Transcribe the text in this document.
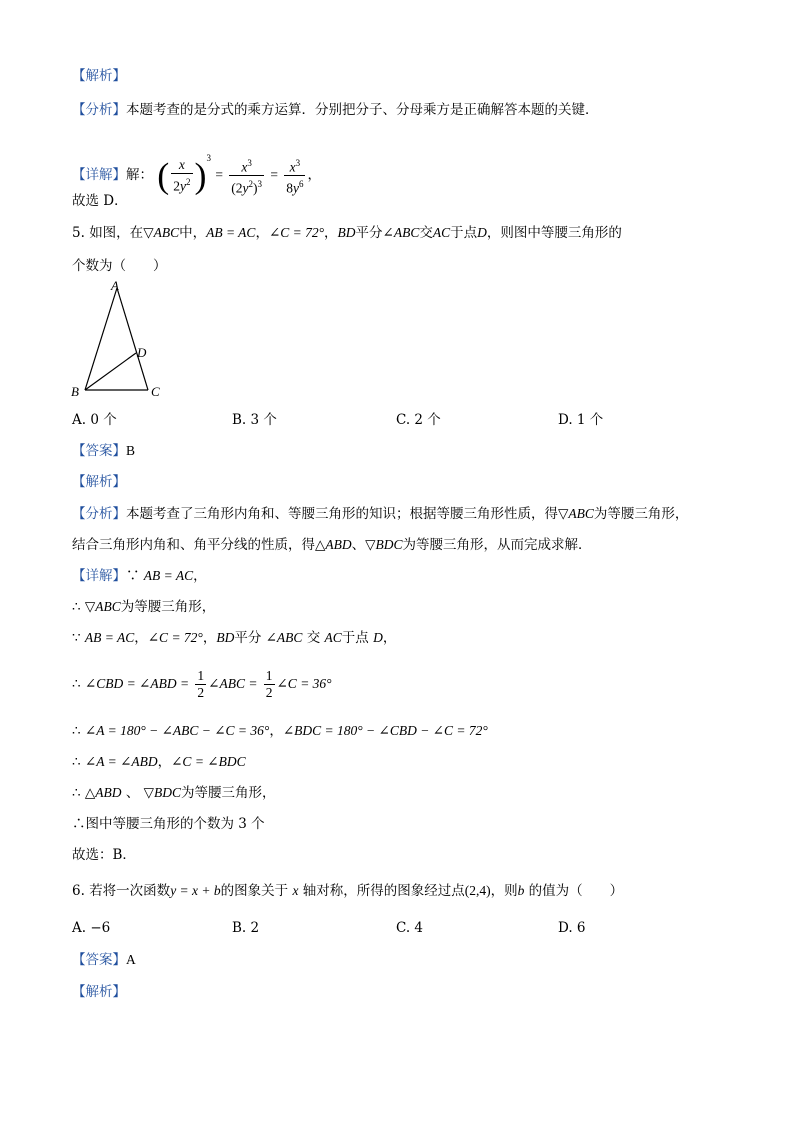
【解析】
【分析】本题考查的是分式的乘方运算．分别把分子、分母乘方是正确解答本题的关键．
【详解】解： ( $\frac{x}{2y^2} )^3 = \frac{x^3}{(2y^2)^3} = \frac{x^3}{8y^6}$ ，
故选 D．
5. 如图，在▽ABC中，AB = AC，∠C = 72°，BD平分∠ABC交AC于点D，则图中等腰三角形的
个数为（　　）
A
B	C
D
A. 0 个	B. 3 个	C. 2 个	D. 1 个
【答案】B
【解析】
【分析】本题考查了三角形内角和、等腰三角形的知识；根据等腰三角形性质，得▽ABC为等腰三角形，
结合三角形内角和、角平分线的性质，得△ABD、▽BDC为等腰三角形，从而完成求解．
【详解】∵ AB = AC，
∴ ▽ABC为等腰三角形，
∵ AB = AC，∠C = 72°，BD平分 ∠ABC 交 AC于点 D，
∴ ∠CBD = ∠ABD = $\frac{1}{2}$ ∠ABC = $\frac{1}{2}$ ∠C = 36°
∴ ∠A = 180° − ∠ABC − ∠C = 36°，∠BDC = 180° − ∠CBD − ∠C = 72°
∴ ∠A = ∠ABD，∠C = ∠BDC
∴ △ABD 、 ▽BDC为等腰三角形，
∴图中等腰三角形的个数为 3 个
故选：B．
6. 若将一次函数y = x + b的图象关于 x 轴对称，所得的图象经过点(2,4)，则b 的值为（　　）
A. −6	B. 2	C. 4	D. 6
【答案】A
【解析】
